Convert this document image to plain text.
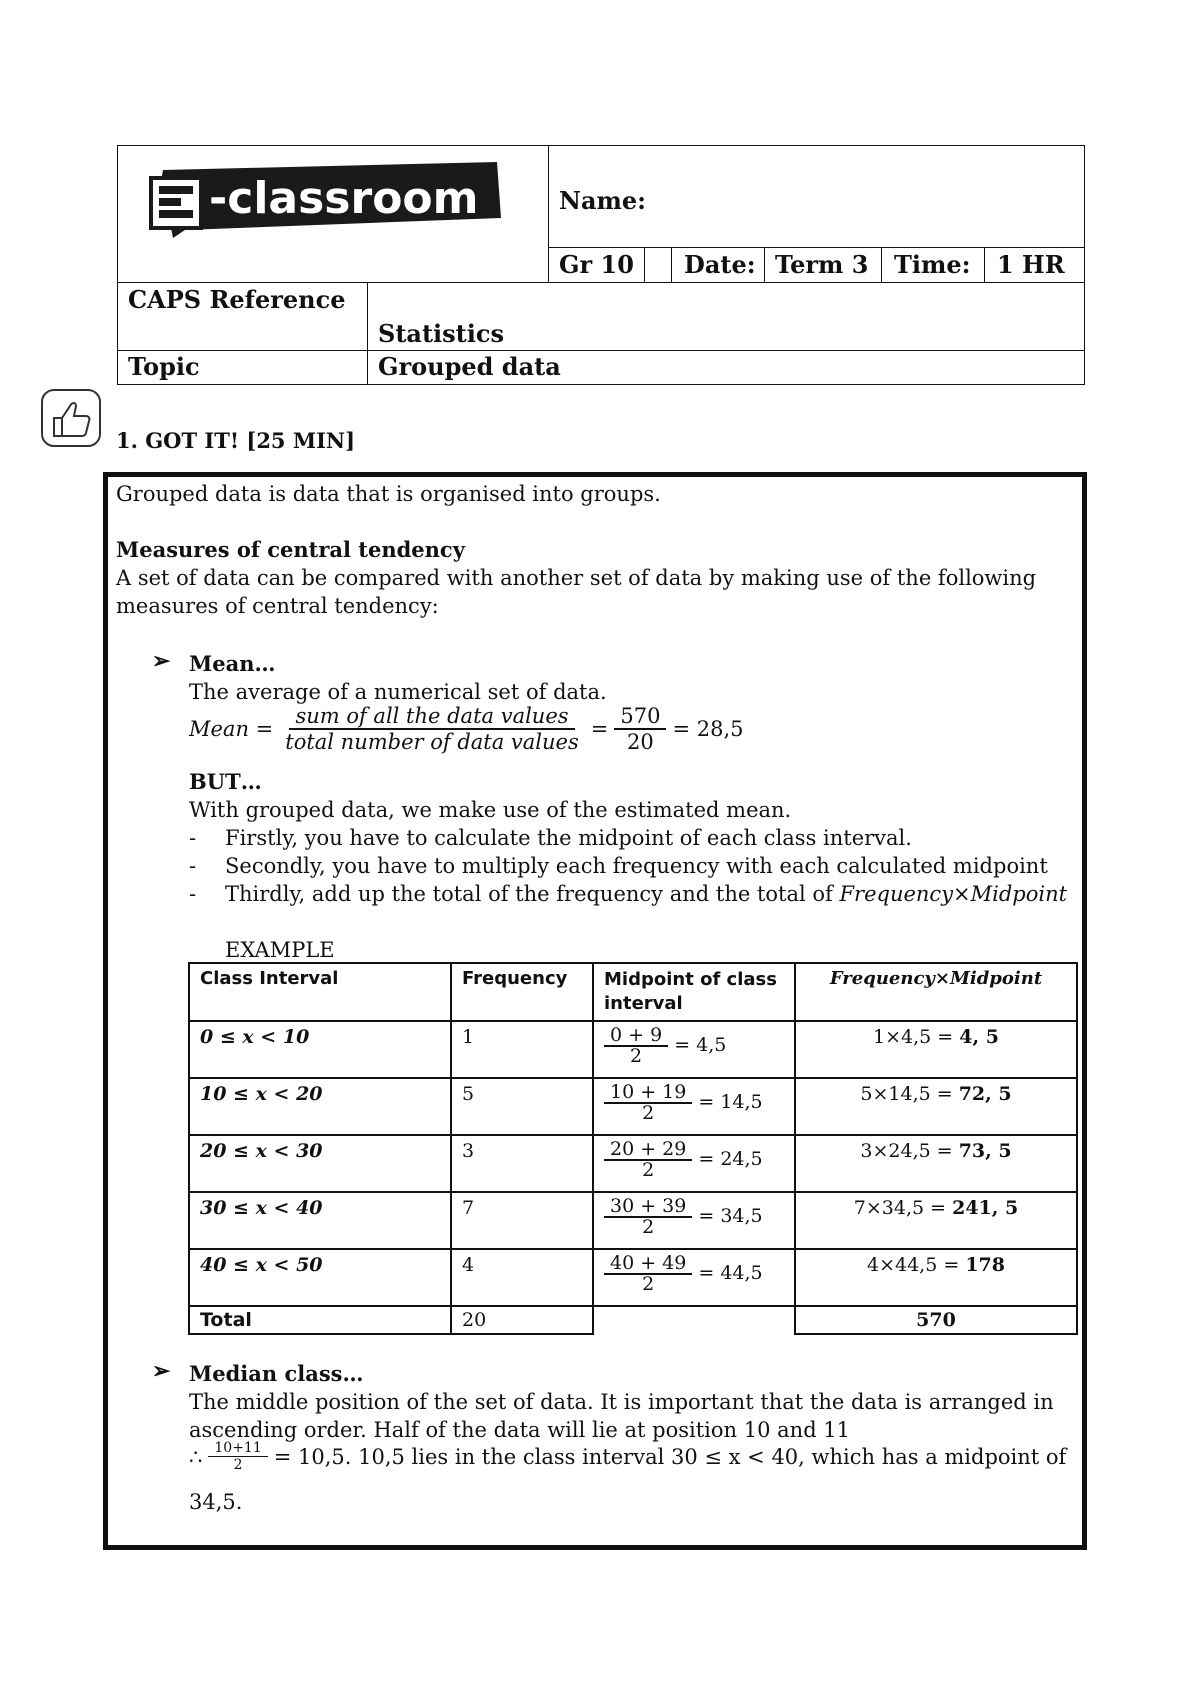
-classroom	Name:
Gr 10 Date: Term 3 Time: 1 HR
CAPS Reference
Statistics
Topic	Grouped data
1. GOT IT! [25 MIN]
Grouped data is data that is organised into groups.
Measures of central tendency
A set of data can be compared with another set of data by making use of the following
measures of central tendency:
➢ Mean…
The average of a numerical set of data.
Mean = $\frac{\text{sum of all the data values}}{\text{total number of data values}} = \frac{570}{20} = 28,5$
BUT…
With grouped data, we make use of the estimated mean.
- Firstly, you have to calculate the midpoint of each class interval.
- Secondly, you have to multiply each frequency with each calculated midpoint
- Thirdly, add up the total of the frequency and the total of Frequency×Midpoint
EXAMPLE
Class Interval	Frequency	Midpoint of class interval	Frequency×Midpoint
0 ≤ x < 10	1	$\frac{0 + 9}{2} = 4,5$	1×4,5 = 4, 5
10 ≤ x < 20	5	$\frac{10 + 19}{2} = 14,5$	5×14,5 = 72, 5
20 ≤ x < 30	3	$\frac{20 + 29}{2} = 24,5$	3×24,5 = 73, 5
30 ≤ x < 40	7	$\frac{30 + 39}{2} = 34,5$	7×34,5 = 241, 5
40 ≤ x < 50	4	$\frac{40 + 49}{2} = 44,5$	4×44,5 = 178
Total	20		570
➢ Median class…
The middle position of the set of data. It is important that the data is arranged in
ascending order. Half of the data will lie at position 10 and 11
∴ $\frac{10+11}{2} = 10,5$. 10,5 lies in the class interval 30 ≤ x < 40, which has a midpoint of
34,5.
